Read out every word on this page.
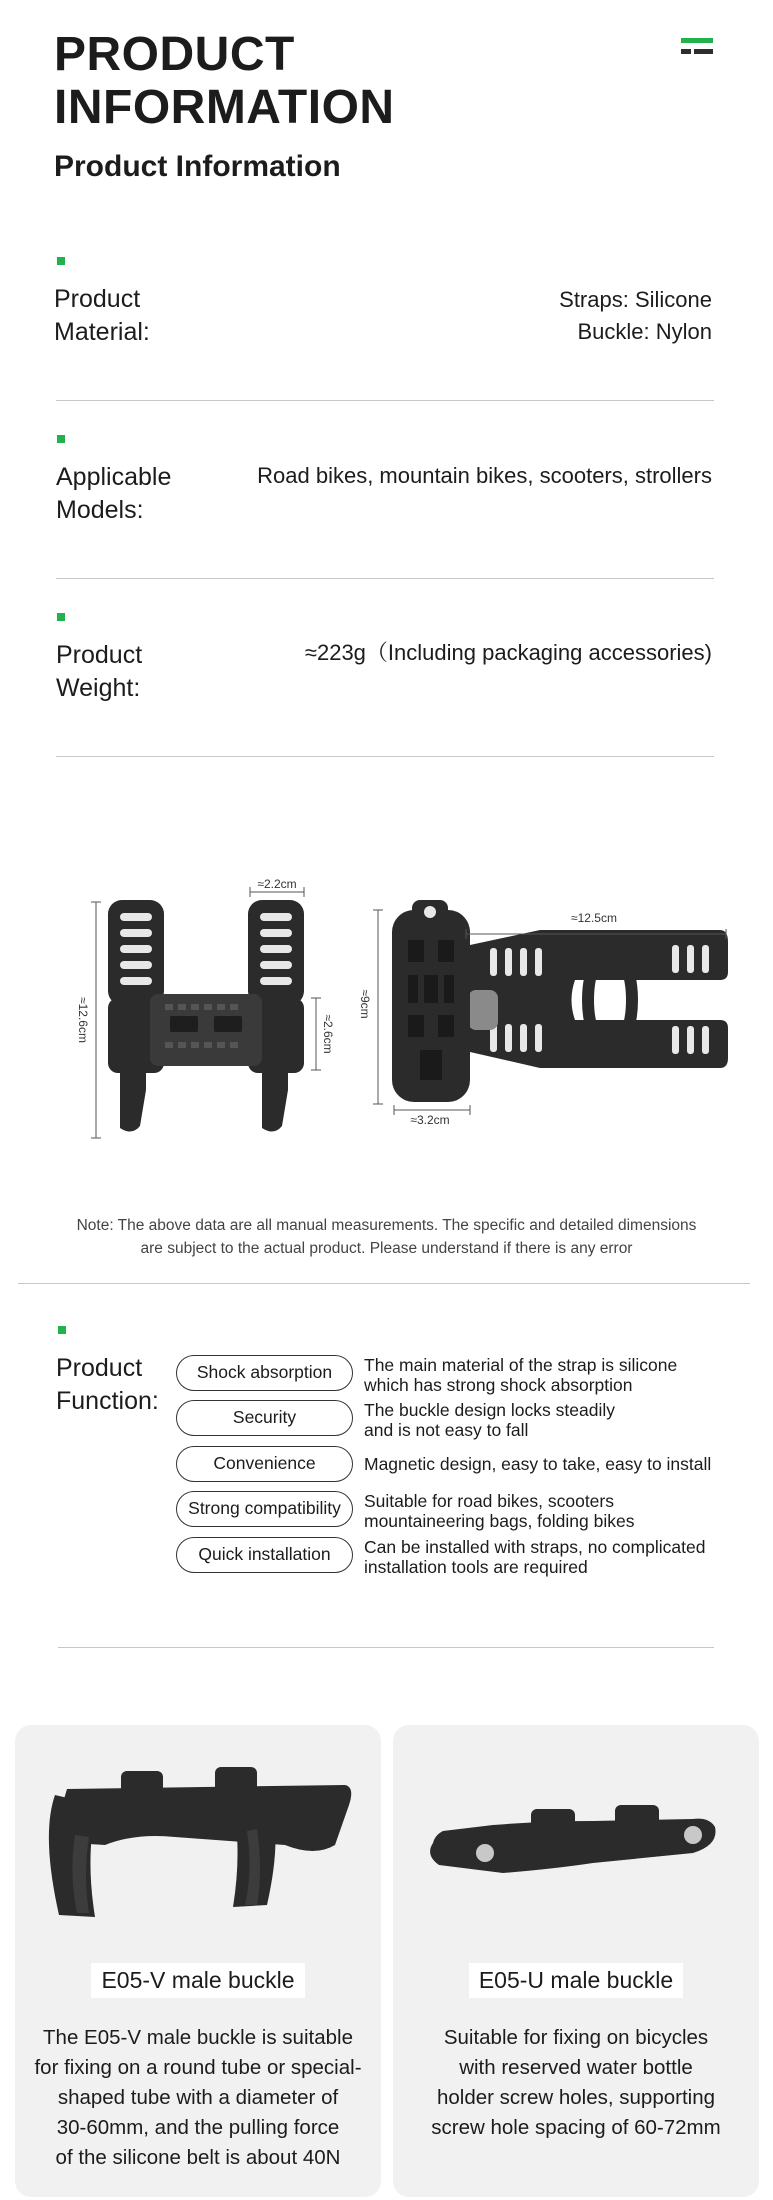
PRODUCT
INFORMATION
Product Information
Product
Material:
Straps: Silicone
Buckle: Nylon
Applicable
Models:
Road bikes, mountain bikes, scooters, strollers
Product
Weight:
≈223g（Including packaging accessories)
≈2.2cm
≈12.6cm	≈2.6cm
≈12.5cm
≈9cm
≈3.2cm
Note: The above data are all manual measurements. The specific and detailed dimensions
are subject to the actual product. Please understand if there is any error
Product
Function:
Shock absorption	The main material of the strap is silicone
which has strong shock absorption
Security	The buckle design locks steadily
and is not easy to fall
Convenience	Magnetic design, easy to take, easy to install
Strong compatibility	Suitable for road bikes, scooters
mountaineering bags, folding bikes
Quick installation	Can be installed with straps, no complicated
installation tools are required
E05-V male buckle
The E05-V male buckle is suitable
for fixing on a round tube or special-
shaped tube with a diameter of
30-60mm, and the pulling force
of the silicone belt is about 40N
E05-U male buckle
Suitable for fixing on bicycles
with reserved water bottle
holder screw holes, supporting
screw hole spacing of 60-72mm
